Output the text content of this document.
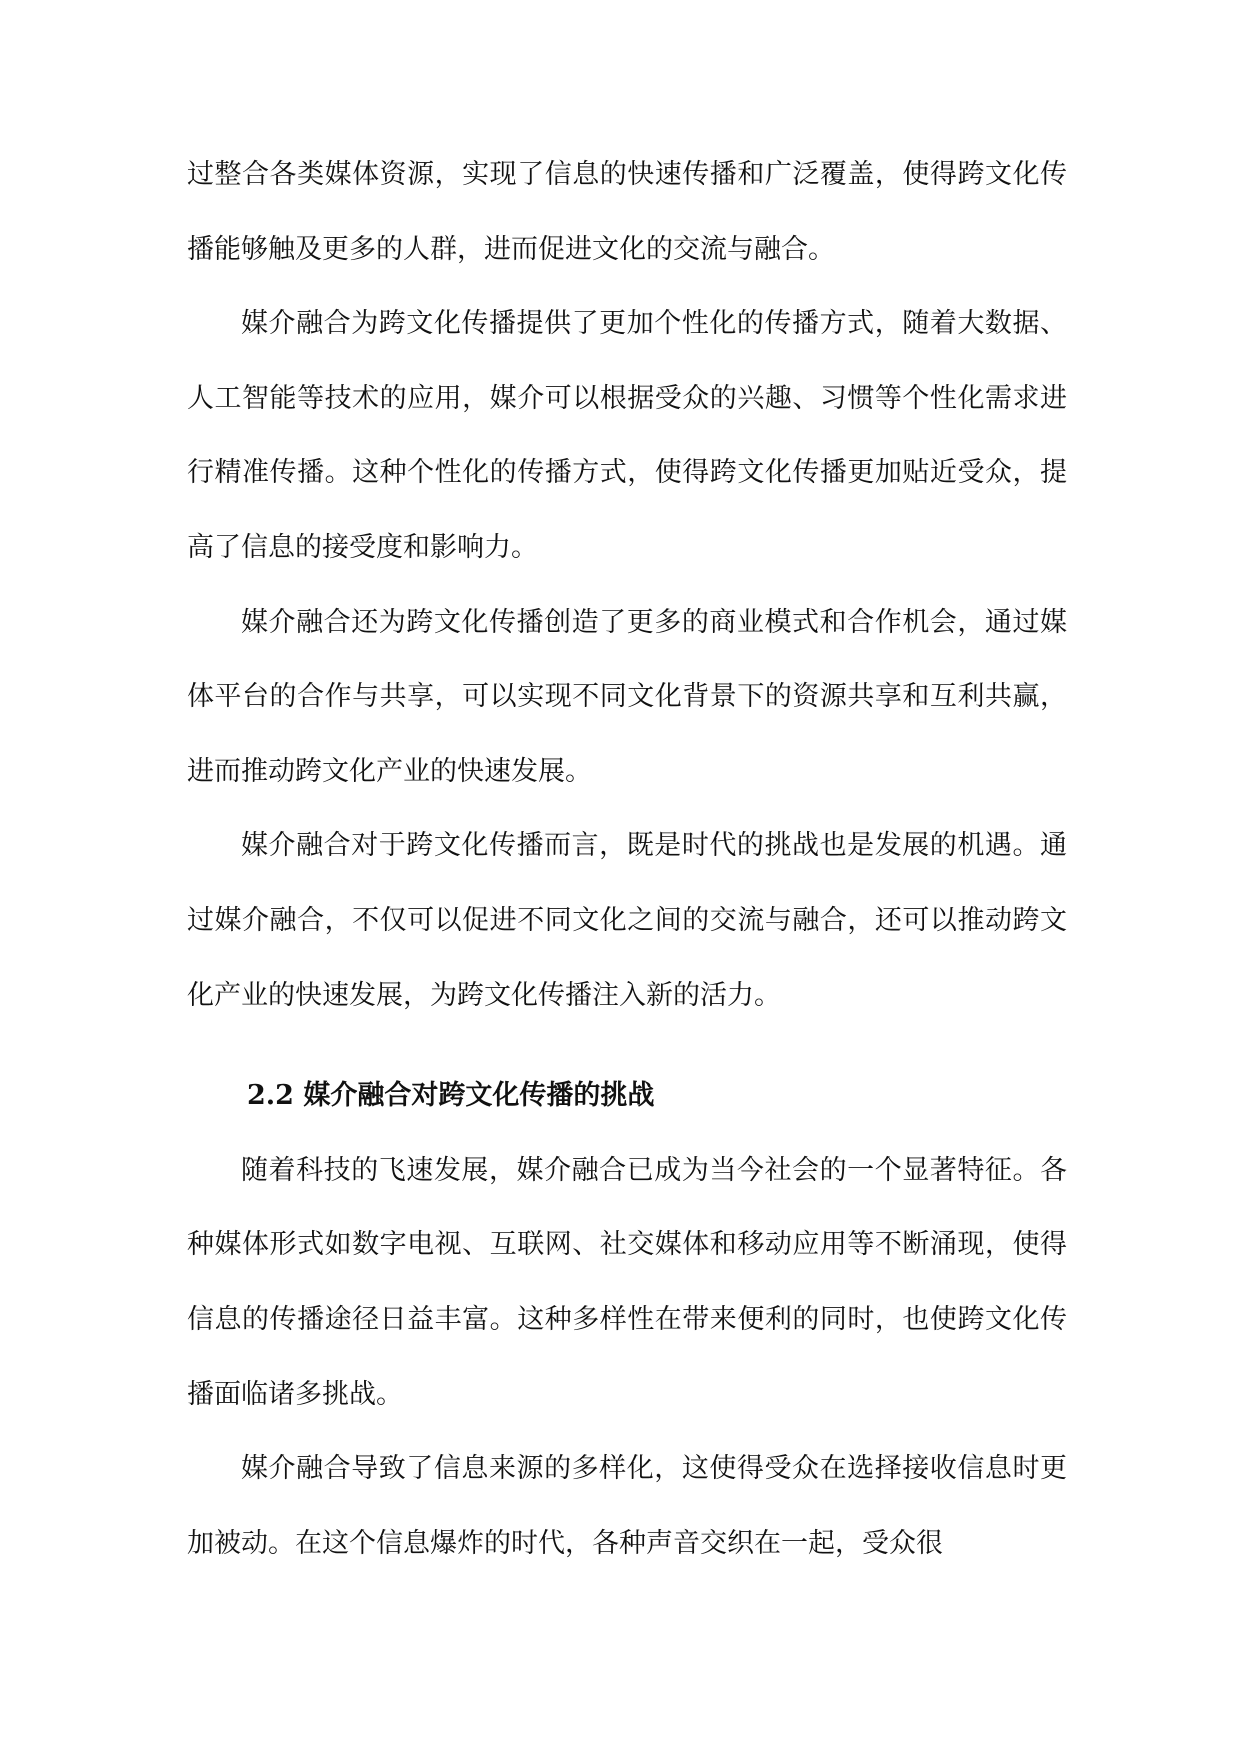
过整合各类媒体资源，实现了信息的快速传播和广泛覆盖，使得跨文化传播能够触及更多的人群，进而促进文化的交流与融合。

媒介融合为跨文化传播提供了更加个性化的传播方式，随着大数据、人工智能等技术的应用，媒介可以根据受众的兴趣、习惯等个性化需求进行精准传播。这种个性化的传播方式，使得跨文化传播更加贴近受众，提高了信息的接受度和影响力。

媒介融合还为跨文化传播创造了更多的商业模式和合作机会，通过媒体平台的合作与共享，可以实现不同文化背景下的资源共享和互利共赢，进而推动跨文化产业的快速发展。

媒介融合对于跨文化传播而言，既是时代的挑战也是发展的机遇。通过媒介融合，不仅可以促进不同文化之间的交流与融合，还可以推动跨文化产业的快速发展，为跨文化传播注入新的活力。

2.2 媒介融合对跨文化传播的挑战

随着科技的飞速发展，媒介融合已成为当今社会的一个显著特征。各种媒体形式如数字电视、互联网、社交媒体和移动应用等不断涌现，使得信息的传播途径日益丰富。这种多样性在带来便利的同时，也使跨文化传播面临诸多挑战。

媒介融合导致了信息来源的多样化，这使得受众在选择接收信息时更加被动。在这个信息爆炸的时代，各种声音交织在一起，受众很
